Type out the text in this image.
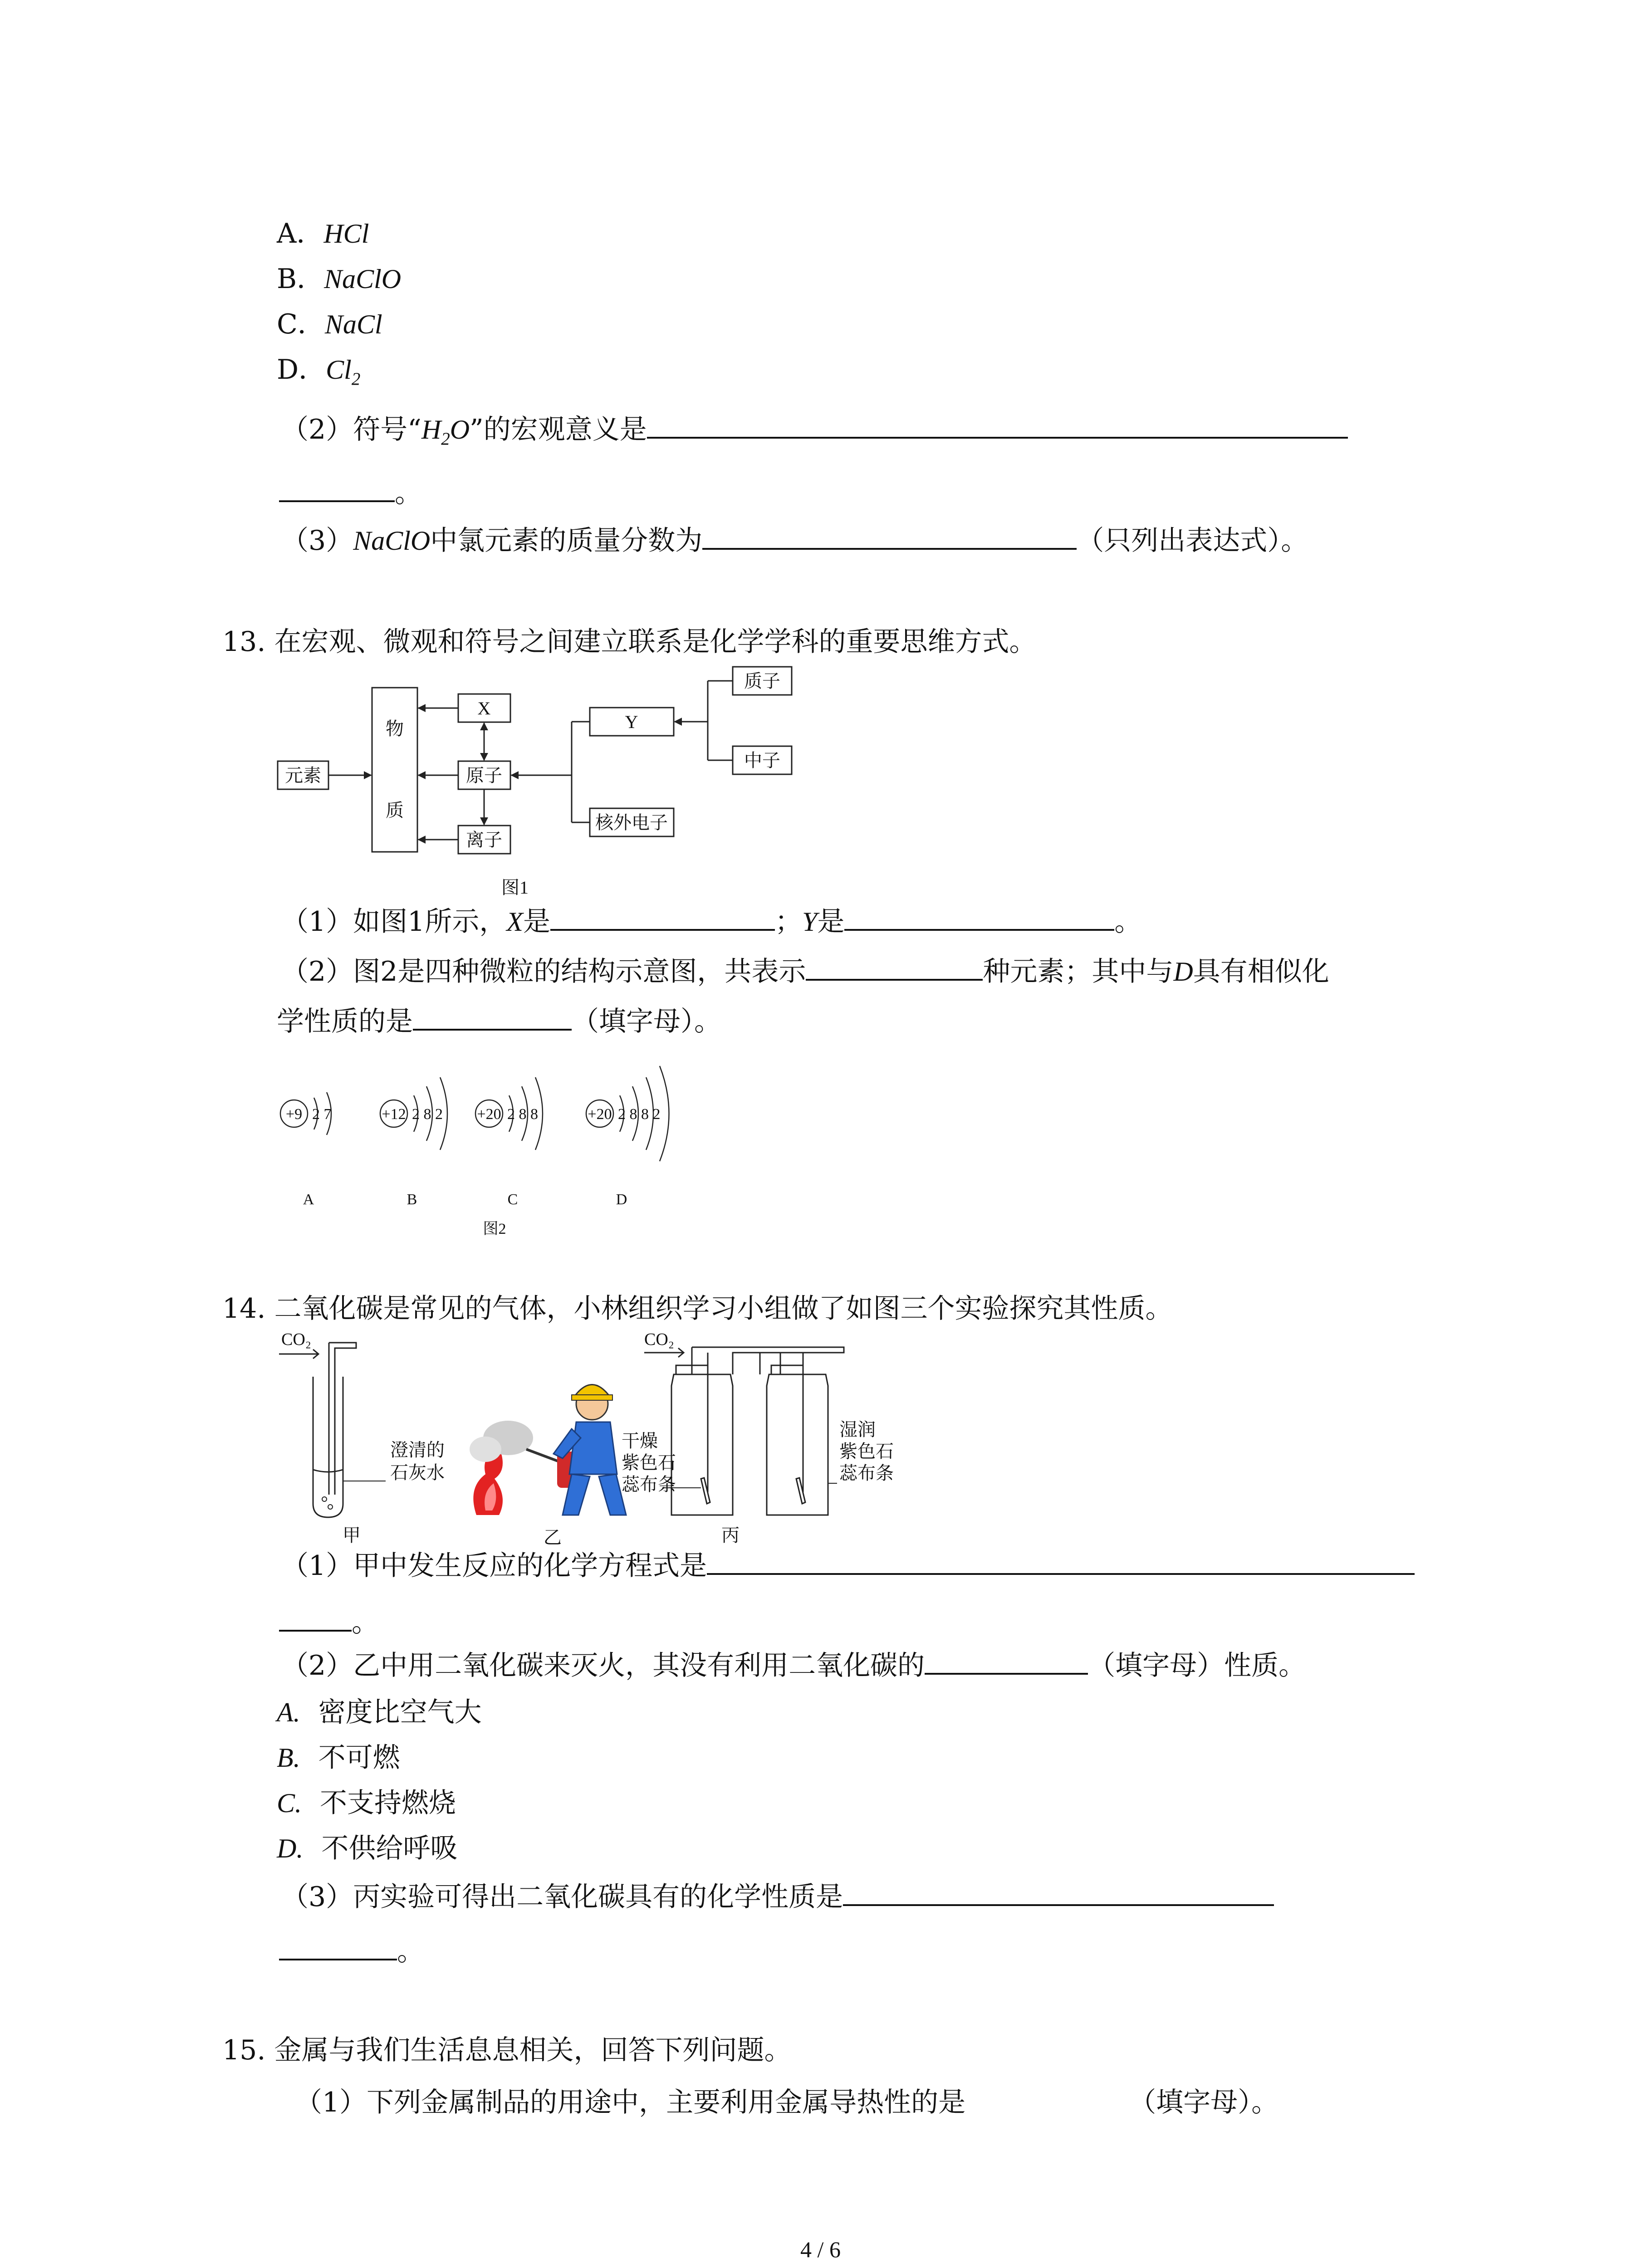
A．HCl
B．NaClO
C．NaCl
D．$Cl_2$
（2）符号“$H_2O$”的宏观意义是
。
（3）NaClO中氯元素的质量分数为	（只列出表达式）。
13. 在宏观、微观和符号之间建立联系是化学学科的重要思维方式。
元素
物
质
X
原子
离子
Y
质子
中子
核外电子
图1
（1）如图1所示，X是	；Y是	。
（2）图2是四种微粒的结构示意图，共表示	种元素；其中与D具有相似化
学性质的是	（填字母）。
+9 2 7	+12 2 8 2 +20 2 8 8	+20 2 8 8 2
A	B	C	D
图2
14. 二氧化碳是常见的气体，小林组织学习小组做了如图三个实验探究其性质。
CO₂
澄清的
石灰水
甲	乙
CO₂
干燥
紫色石
蕊布条
湿润
紫色石
蕊布条
丙
（1）甲中发生反应的化学方程式是
。
（2）乙中用二氧化碳来灭火，其没有利用二氧化碳的	（填字母）性质。
A. 密度比空气大
B. 不可燃
C. 不支持燃烧
D. 不供给呼吸
（3）丙实验可得出二氧化碳具有的化学性质是
。
15. 金属与我们生活息息相关，回答下列问题。
（1）下列金属制品的用途中，主要利用金属导热性的是	（填字母）。
4 / 6
